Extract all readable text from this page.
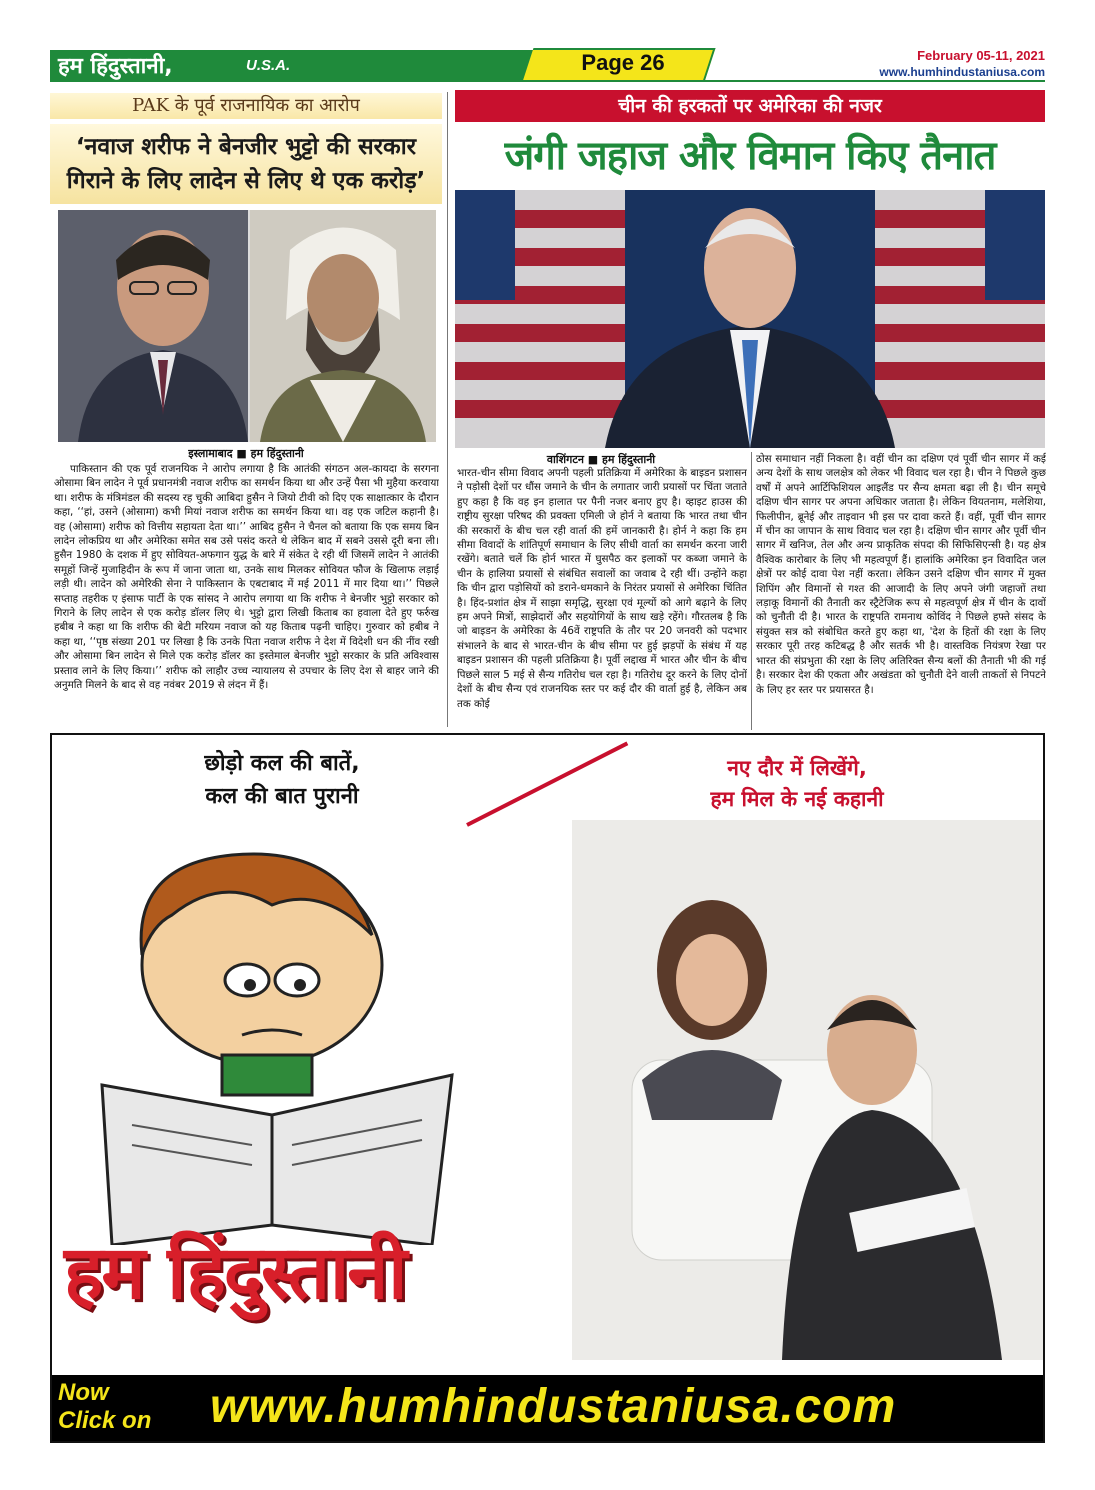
हम हिंदुस्तानी,	U.S.A.	Page 26	February 05-11, 2021
www.humhindustaniusa.com
PAK के पूर्व राजनायिक का आरोप
‘नवाज शरीफ ने बेनजीर भुट्टो की सरकार गिराने के लिए लादेन से लिए थे एक करोड़’
इस्लामाबाद ■ हम हिंदुस्तानी
पाकिस्तान की एक पूर्व राजनयिक ने आरोप लगाया है कि आतंकी संगठन अल-कायदा के सरगना ओसामा बिन लादेन ने पूर्व प्रधानमंत्री नवाज शरीफ का समर्थन किया था और उन्हें पैसा भी मुहैया करवाया था। शरीफ के मंत्रिमंडल की सदस्य रह चुकी आबिदा हुसैन ने जियो टीवी को दिए एक साक्षात्कार के दौरान कहा, ‘‘हां, उसने (ओसामा) कभी मियां नवाज शरीफ का समर्थन किया था। वह एक जटिल कहानी है। वह (ओसामा) शरीफ को वित्तीय सहायता देता था।’’ आबिद हुसैन ने चैनल को बताया कि एक समय बिन लादेन लोकप्रिय था और अमेरिका समेत सब उसे पसंद करते थे लेकिन बाद में सबने उससे दूरी बना ली। हुसैन 1980 के दशक में हुए सोवियत-अफगान युद्ध के बारे में संकेत दे रही थीं जिसमें लादेन ने आतंकी समूहों जिन्हें मुजाहिदीन के रूप में जाना जाता था, उनके साथ मिलकर सोवियत फौज के खिलाफ लड़ाई लड़ी थी। लादेन को अमेरिकी सेना ने पाकिस्तान के एबटाबाद में मई 2011 में मार दिया था।’’ पिछले सप्ताह तहरीक ए इंसाफ पार्टी के एक सांसद ने आरोप लगाया था कि शरीफ ने बेनजीर भुट्टो सरकार को गिराने के लिए लादेन से एक करोड़ डॉलर लिए थे। भुट्टो द्वारा लिखी किताब का हवाला देते हुए फर्रुख हबीब ने कहा था कि शरीफ की बेटी मरियम नवाज को यह किताब पढ़नी चाहिए। गुरुवार को हबीब ने कहा था, ‘‘पृष्ठ संख्या 201 पर लिखा है कि उनके पिता नवाज शरीफ ने देश में विदेशी धन की नींव रखी और ओसामा बिन लादेन से मिले एक करोड़ डॉलर का इस्तेमाल बेनजीर भुट्टो सरकार के प्रति अविश्वास प्रस्ताव लाने के लिए किया।’’ शरीफ को लाहौर उच्च न्यायालय से उपचार के लिए देश से बाहर जाने की अनुमति मिलने के बाद से वह नवंबर 2019 से लंदन में हैं।
चीन की हरकतों पर अमेरिका की नजर
जंगी जहाज और विमान किए तैनात
वाशिंगटन ■ हम हिंदुस्तानी
भारत-चीन सीमा विवाद अपनी पहली प्रतिक्रिया में अमेरिका के बाइडन प्रशासन ने पड़ोसी देशों पर धौंस जमाने के चीन के लगातार जारी प्रयासों पर चिंता जताते हुए कहा है कि वह इन हालात पर पैनी नजर बनाए हुए है। व्हाइट हाउस की राष्ट्रीय सुरक्षा परिषद की प्रवक्ता एमिली जे होर्न ने बताया कि भारत तथा चीन की सरकारों के बीच चल रही वार्ता की हमें जानकारी है। होर्न ने कहा कि हम सीमा विवादों के शांतिपूर्ण समाधान के लिए सीधी वार्ता का समर्थन करना जारी रखेंगे। बताते चलें कि होर्न भारत में घुसपैठ कर इलाकों पर कब्जा जमाने के चीन के हालिया प्रयासों से संबंधित सवालों का जवाब दे रही थीं। उन्होंने कहा कि चीन द्वारा पड़ोसियों को डराने-धमकाने के निरंतर प्रयासों से अमेरिका चिंतित है। हिंद-प्रशांत क्षेत्र में साझा समृद्धि, सुरक्षा एवं मूल्यों को आगे बढ़ाने के लिए हम अपने मित्रों, साझेदारों और सहयोगियों के साथ खड़े रहेंगे। गौरतलब है कि जो बाइडन के अमेरिका के 46वें राष्ट्रपति के तौर पर 20 जनवरी को पदभार संभालने के बाद से भारत-चीन के बीच सीमा पर हुई झड़पों के संबंध में यह बाइडन प्रशासन की पहली प्रतिक्रिया है। पूर्वी लद्दाख में भारत और चीन के बीच पिछले साल 5 मई से सैन्य गतिरोध चल रहा है। गतिरोध दूर करने के लिए दोनों देशों के बीच सैन्य एवं राजनयिक स्तर पर कई दौर की वार्ता हुई है, लेकिन अब तक कोई
ठोस समाधान नहीं निकला है। वहीं चीन का दक्षिण एवं पूर्वी चीन सागर में कई अन्य देशों के साथ जलक्षेत्र को लेकर भी विवाद चल रहा है। चीन ने पिछले कुछ वर्षों में अपने आर्टिफिशियल आइलैंड पर सैन्य क्षमता बढ़ा ली है। चीन समूचे दक्षिण चीन सागर पर अपना अधिकार जताता है। लेकिन वियतनाम, मलेशिया, फिलीपीन, ब्रूनेई और ताइवान भी इस पर दावा करते हैं। वहीं, पूर्वी चीन सागर में चीन का जापान के साथ विवाद चल रहा है। दक्षिण चीन सागर और पूर्वी चीन सागर में खनिज, तेल और अन्य प्राकृतिक संपदा की सिफिसिएन्सी है। यह क्षेत्र वैश्विक कारोबार के लिए भी महत्वपूर्ण हैं। हालांकि अमेरिका इन विवादित जल क्षेत्रों पर कोई दावा पेश नहीं करता। लेकिन उसने दक्षिण चीन सागर में मुक्त शिपिंग और विमानों से गश्त की आजादी के लिए अपने जंगी जहाजों तथा लड़ाकू विमानों की तैनाती कर स्ट्रैटेजिक रूप से महत्वपूर्ण क्षेत्र में चीन के दावों को चुनौती दी है। भारत के राष्ट्रपति रामनाथ कोविंद ने पिछले हफ्ते संसद के संयुक्त सत्र को संबोधित करते हुए कहा था, 'देश के हितों की रक्षा के लिए सरकार पूरी तरह कटिबद्ध है और सतर्क भी है। वास्तविक नियंत्रण रेखा पर भारत की संप्रभुता की रक्षा के लिए अतिरिक्त सैन्य बलों की तैनाती भी की गई है। सरकार देश की एकता और अखंडता को चुनौती देने वाली ताकतों से निपटने के लिए हर स्तर पर प्रयासरत है।
छोड़ो कल की बातें,
कल की बात पुरानी
नए दौर में लिखेंगे,
हम मिल के नई कहानी
हम हिंदुस्तानी
Now
Click on www.humhindustaniusa.com
